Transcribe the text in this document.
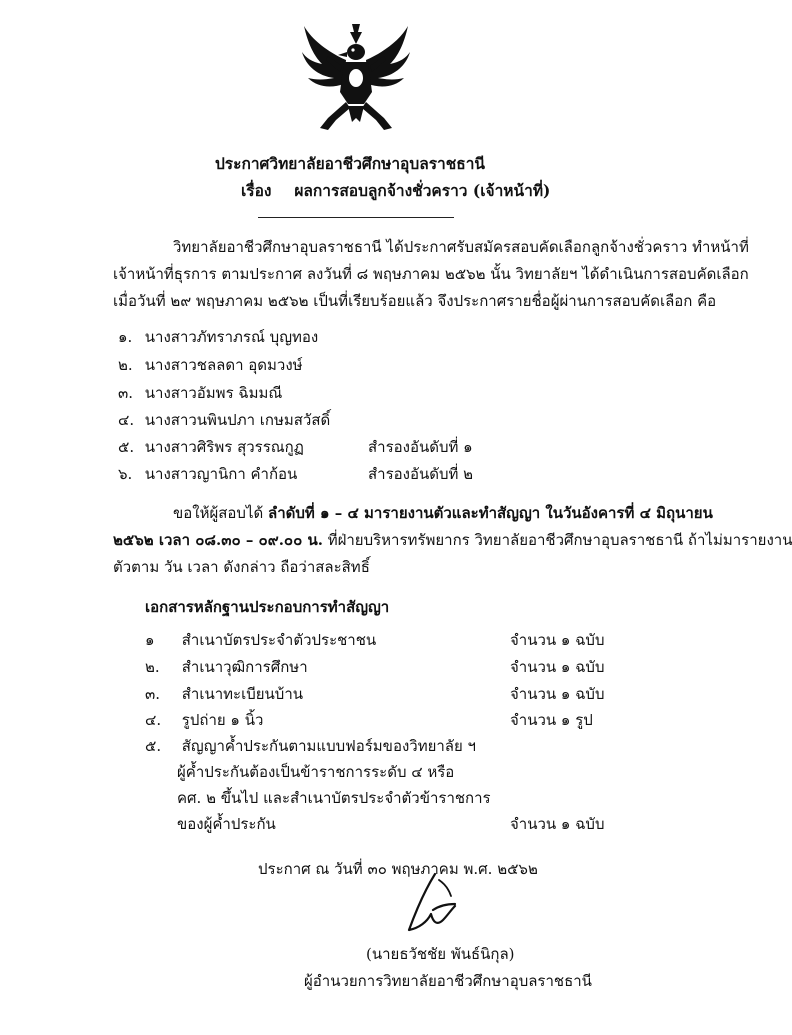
ประกาศวิทยาลัยอาชีวศึกษาอุบลราชธานี
เรื่อง ผลการสอบลูกจ้างชั่วคราว (เจ้าหน้าที่)
วิทยาลัยอาชีวศึกษาอุบลราชธานี ได้ประกาศรับสมัครสอบคัดเลือกลูกจ้างชั่วคราว ทำหน้าที่
เจ้าหน้าที่ธุรการ ตามประกาศ ลงวันที่ ๘ พฤษภาคม ๒๕๖๒ นั้น วิทยาลัยฯ ได้ดำเนินการสอบคัดเลือก
เมื่อวันที่ ๒๙ พฤษภาคม ๒๕๖๒ เป็นที่เรียบร้อยแล้ว จึงประกาศรายชื่อผู้ผ่านการสอบคัดเลือก คือ
๑. นางสาวภัทราภรณ์ บุญทอง
๒. นางสาวชลลดา อุดมวงษ์
๓. นางสาวอัมพร ฉิมมณี
๔. นางสาวนพินปภา เกษมสวัสดิ์
๕. นางสาวศิริพร สุวรรณกูฏ	สำรองอันดับที่ ๑
๖. นางสาวญานิกา คำก้อน	สำรองอันดับที่ ๒
ขอให้ผู้สอบได้ ลำดับที่ ๑ – ๔ มารายงานตัวและทำสัญญา ในวันอังคารที่ ๔ มิถุนายน
๒๕๖๒ เวลา ๐๘.๓๐ – ๐๙.๐๐ น. ที่ฝ่ายบริหารทรัพยากร วิทยาลัยอาชีวศึกษาอุบลราชธานี ถ้าไม่มารายงาน
ตัวตาม วัน เวลา ดังกล่าว ถือว่าสละสิทธิ์
เอกสารหลักฐานประกอบการทำสัญญา
๑ สำเนาบัตรประจำตัวประชาชน	จำนวน ๑ ฉบับ
๒. สำเนาวุฒิการศึกษา	จำนวน ๑ ฉบับ
๓. สำเนาทะเบียนบ้าน	จำนวน ๑ ฉบับ
๔. รูปถ่าย ๑ นิ้ว	จำนวน ๑ รูป
๕. สัญญาค้ำประกันตามแบบฟอร์มของวิทยาลัย ฯ
ผู้ค้ำประกันต้องเป็นข้าราชการระดับ ๔ หรือ
คศ. ๒ ขึ้นไป และสำเนาบัตรประจำตัวข้าราชการ
ของผู้ค้ำประกัน	จำนวน ๑ ฉบับ
ประกาศ ณ วันที่ ๓๐ พฤษภาคม พ.ศ. ๒๕๖๒
(นายธวัชชัย พันธ์นิกุล)
ผู้อำนวยการวิทยาลัยอาชีวศึกษาอุบลราชธานี
